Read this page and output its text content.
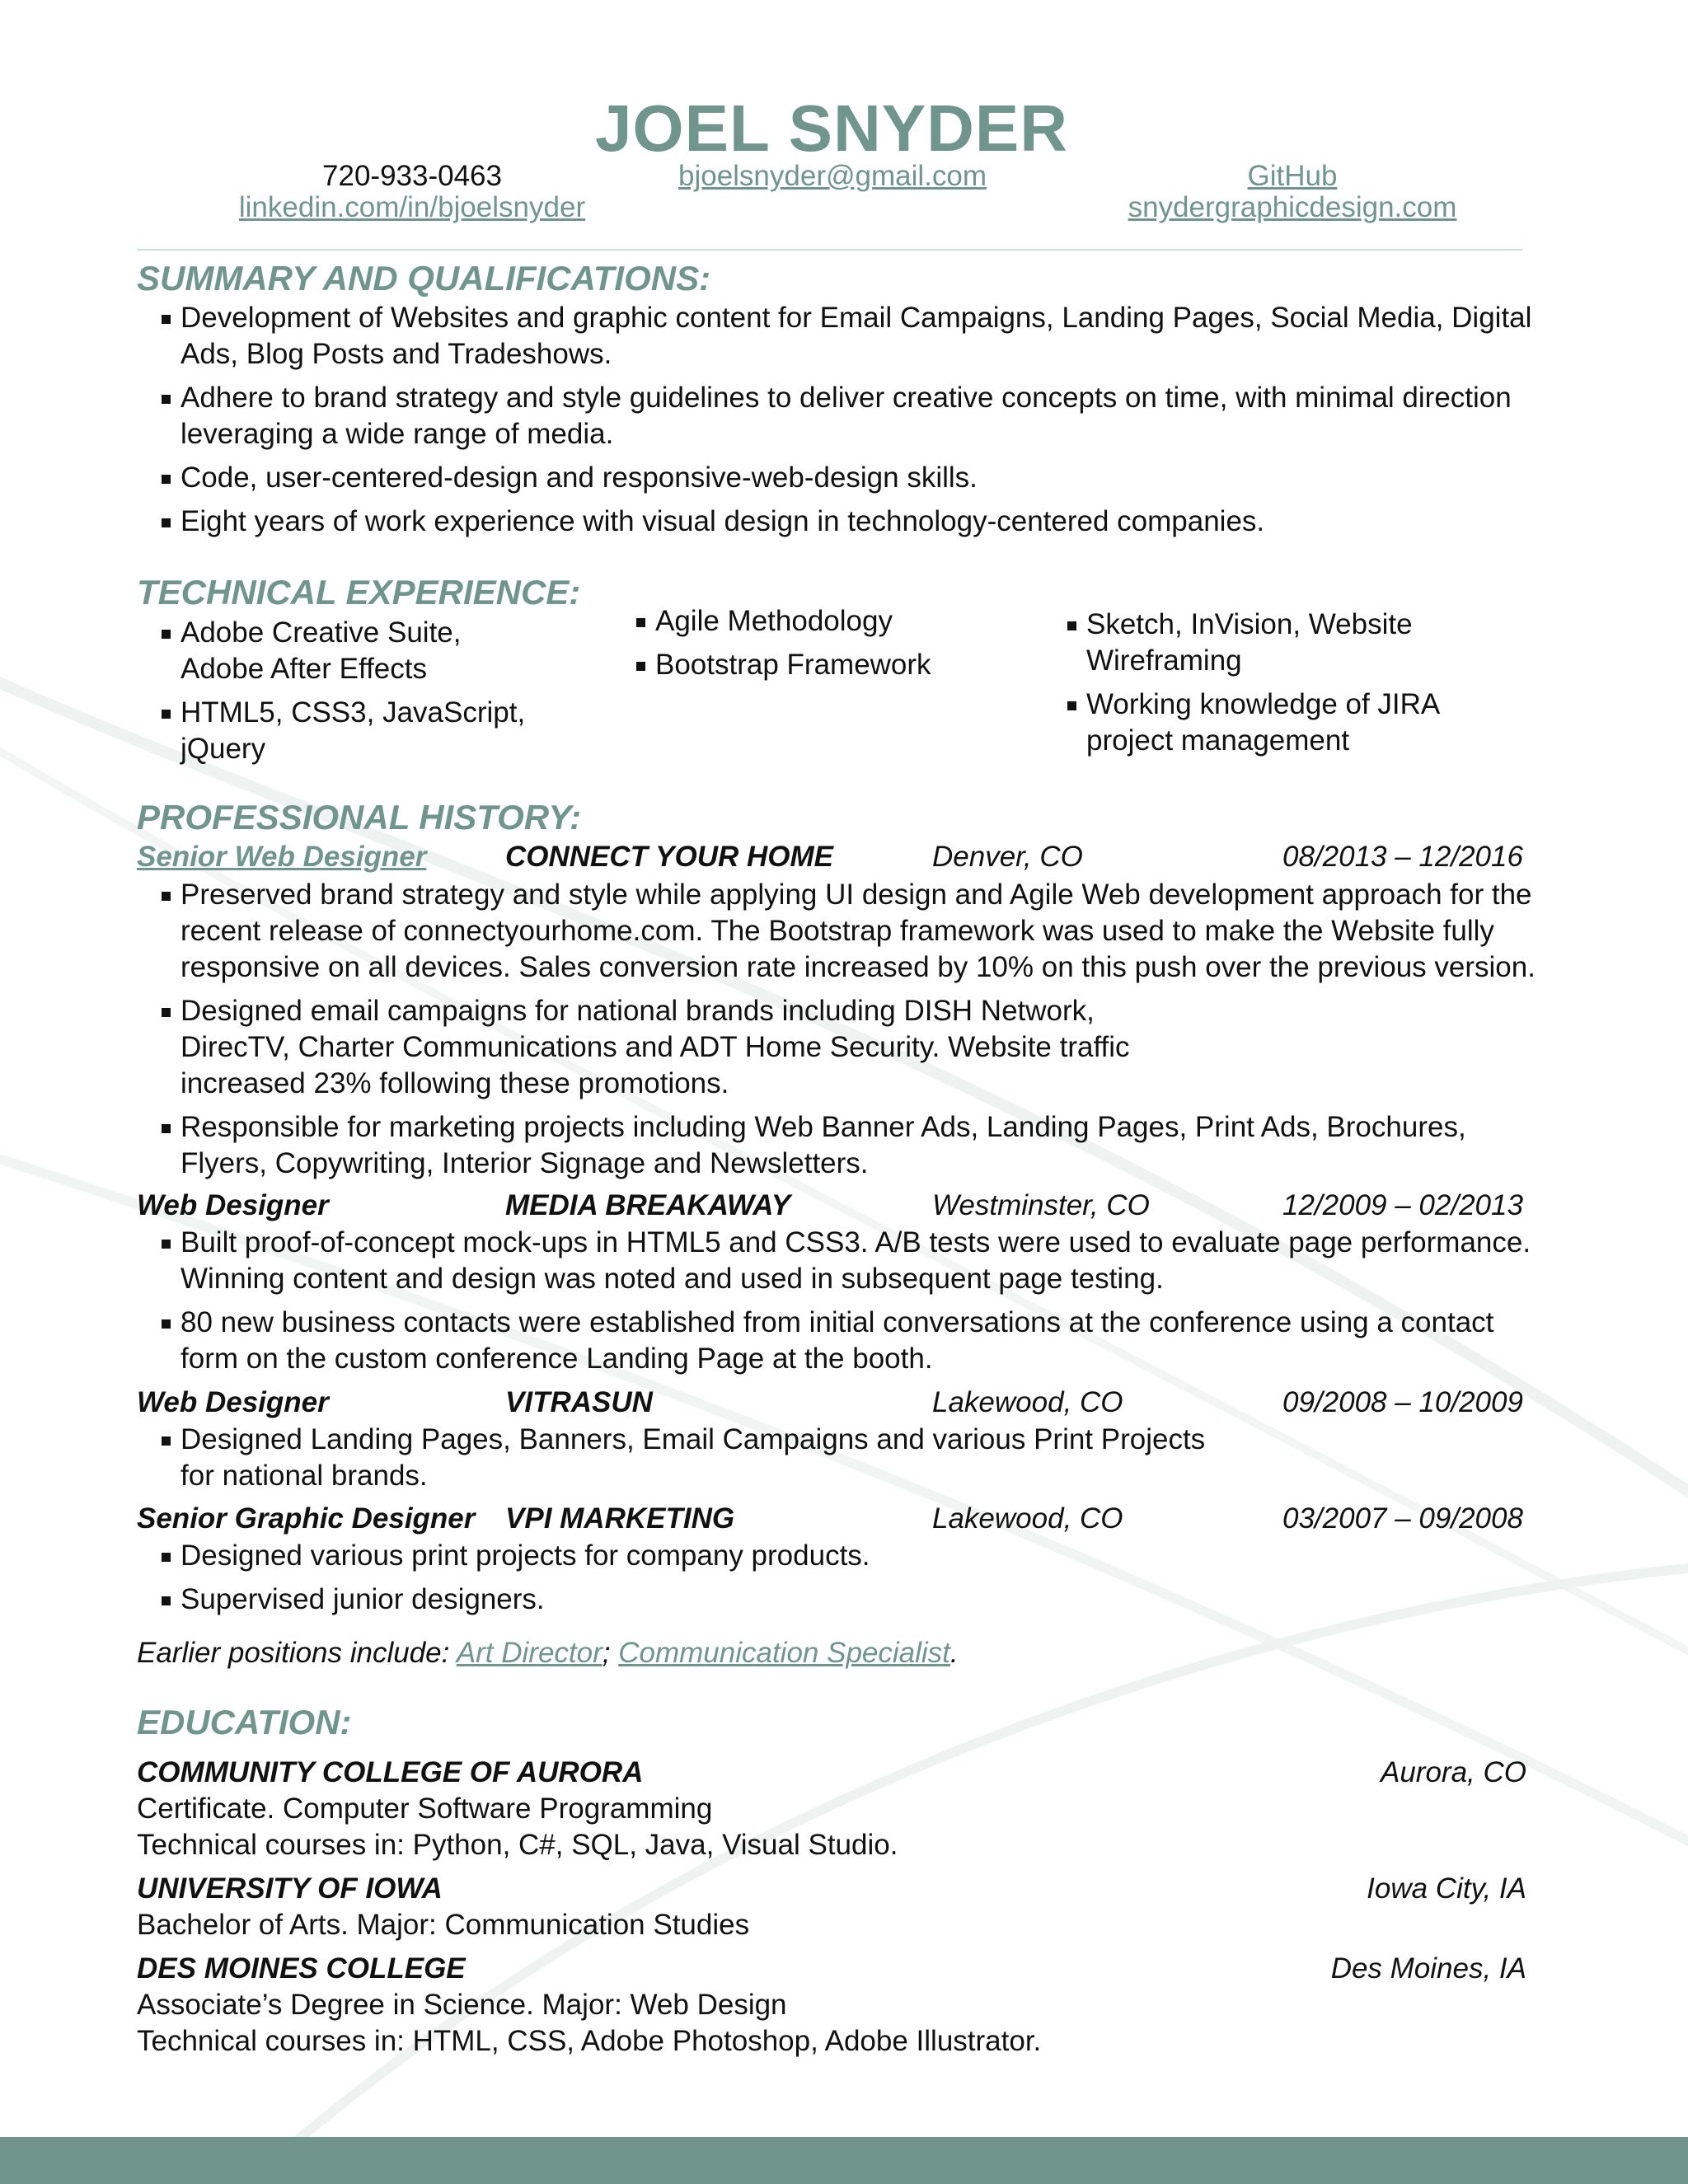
JOEL SNYDER
720-933-0463	bjoelsnyder@gmail.com	GitHub
linkedin.com/in/bjoelsnyder	snydergraphicdesign.com
SUMMARY AND QUALIFICATIONS:
Development of Websites and graphic content for Email Campaigns, Landing Pages, Social Media, Digital Ads, Blog Posts and Tradeshows.
Adhere to brand strategy and style guidelines to deliver creative concepts on time, with minimal direction leveraging a wide range of media.
Code, user-centered-design and responsive-web-design skills.
Eight years of work experience with visual design in technology-centered companies.
TECHNICAL EXPERIENCE:
Adobe Creative Suite, Adobe After Effects
HTML5, CSS3, JavaScript, jQuery
Agile Methodology
Bootstrap Framework
Sketch, InVision, Website Wireframing
Working knowledge of JIRA project management
PROFESSIONAL HISTORY:
Senior Web Designer	CONNECT YOUR HOME	Denver, CO	08/2013 – 12/2016
Preserved brand strategy and style while applying UI design and Agile Web development approach for the recent release of connectyourhome.com. The Bootstrap framework was used to make the Website fully responsive on all devices. Sales conversion rate increased by 10% on this push over the previous version.
Designed email campaigns for national brands including DISH Network, DirecTV, Charter Communications and ADT Home Security. Website traffic increased 23% following these promotions.
Responsible for marketing projects including Web Banner Ads, Landing Pages, Print Ads, Brochures, Flyers, Copywriting, Interior Signage and Newsletters.
Web Designer	MEDIA BREAKAWAY	Westminster, CO	12/2009 – 02/2013
Built proof-of-concept mock-ups in HTML5 and CSS3. A/B tests were used to evaluate page performance. Winning content and design was noted and used in subsequent page testing.
80 new business contacts were established from initial conversations at the conference using a contact form on the custom conference Landing Page at the booth.
Web Designer	VITRASUN	Lakewood, CO	09/2008 – 10/2009
Designed Landing Pages, Banners, Email Campaigns and various Print Projects for national brands.
Senior Graphic Designer VPI MARKETING	Lakewood, CO	03/2007 – 09/2008
Designed various print projects for company products.
Supervised junior designers.
Earlier positions include: Art Director; Communication Specialist.
EDUCATION:
COMMUNITY COLLEGE OF AURORA	Aurora, CO
Certificate. Computer Software Programming
Technical courses in: Python, C#, SQL, Java, Visual Studio.
UNIVERSITY OF IOWA	Iowa City, IA
Bachelor of Arts. Major: Communication Studies
DES MOINES COLLEGE	Des Moines, IA
Associate’s Degree in Science. Major: Web Design
Technical courses in: HTML, CSS, Adobe Photoshop, Adobe Illustrator.
